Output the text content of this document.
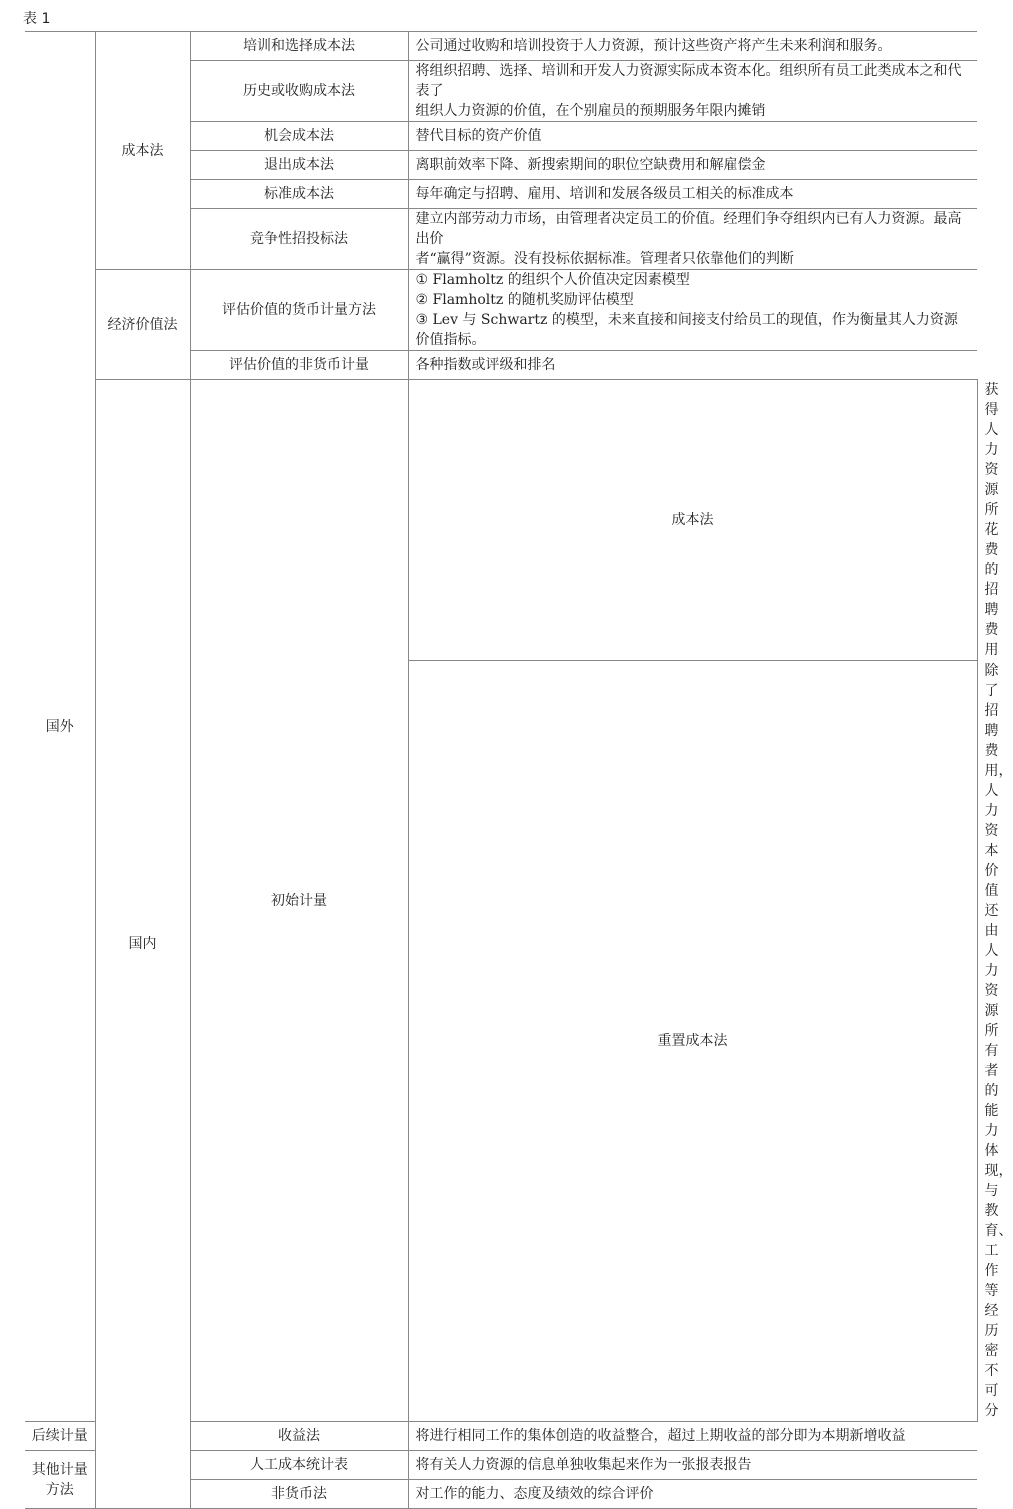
表 1
国外	成本法	培训和选择成本法	公司通过收购和培训投资于人力资源，预计这些资产将产生未来利润和服务。	

		历史或收购成本法	将组织招聘、选择、培训和开发人力资源实际成本资本化。组织所有员工此类成本之和代表了
组织人力资源的价值，在个别雇员的预期服务年限内摊销	

		机会成本法	替代目标的资产价值	

		退出成本法	离职前效率下降、新搜索期间的职位空缺费用和解雇偿金	

		标准成本法	每年确定与招聘、雇用、培训和发展各级员工相关的标准成本	

		竞争性招投标法	建立内部劳动力市场，由管理者决定员工的价值。经理们争夺组织内已有人力资源。最高出价
者“赢得”资源。没有投标依据标准。管理者只依靠他们的判断	

	经济价值法	评估价值的货币计量方法	① Flamholtz 的组织个人价值决定因素模型
② Flamholtz 的随机奖励评估模型
③ Lev 与 Schwartz 的模型，未来直接和间接支付给员工的现值，作为衡量其人力资源价值指标。	

		评估价值的非货币计量	各种指数或评级和排名	

	国内	初始计量	成本法	获得人力资源所花费的招聘费用

			重置成本法	除了招聘费用，人力资本价值还由人力资源所有者的能力体现，与教育、工作等经历密不可分

后续计量		收益法	将进行相同工作的集体创造的收益整合，超过上期收益的部分即为本期新增收益	

其他计量方法		人工成本统计表	将有关人力资源的信息单独收集起来作为一张报表报告	

		非货币法	对工作的能力、态度及绩效的综合评价	
